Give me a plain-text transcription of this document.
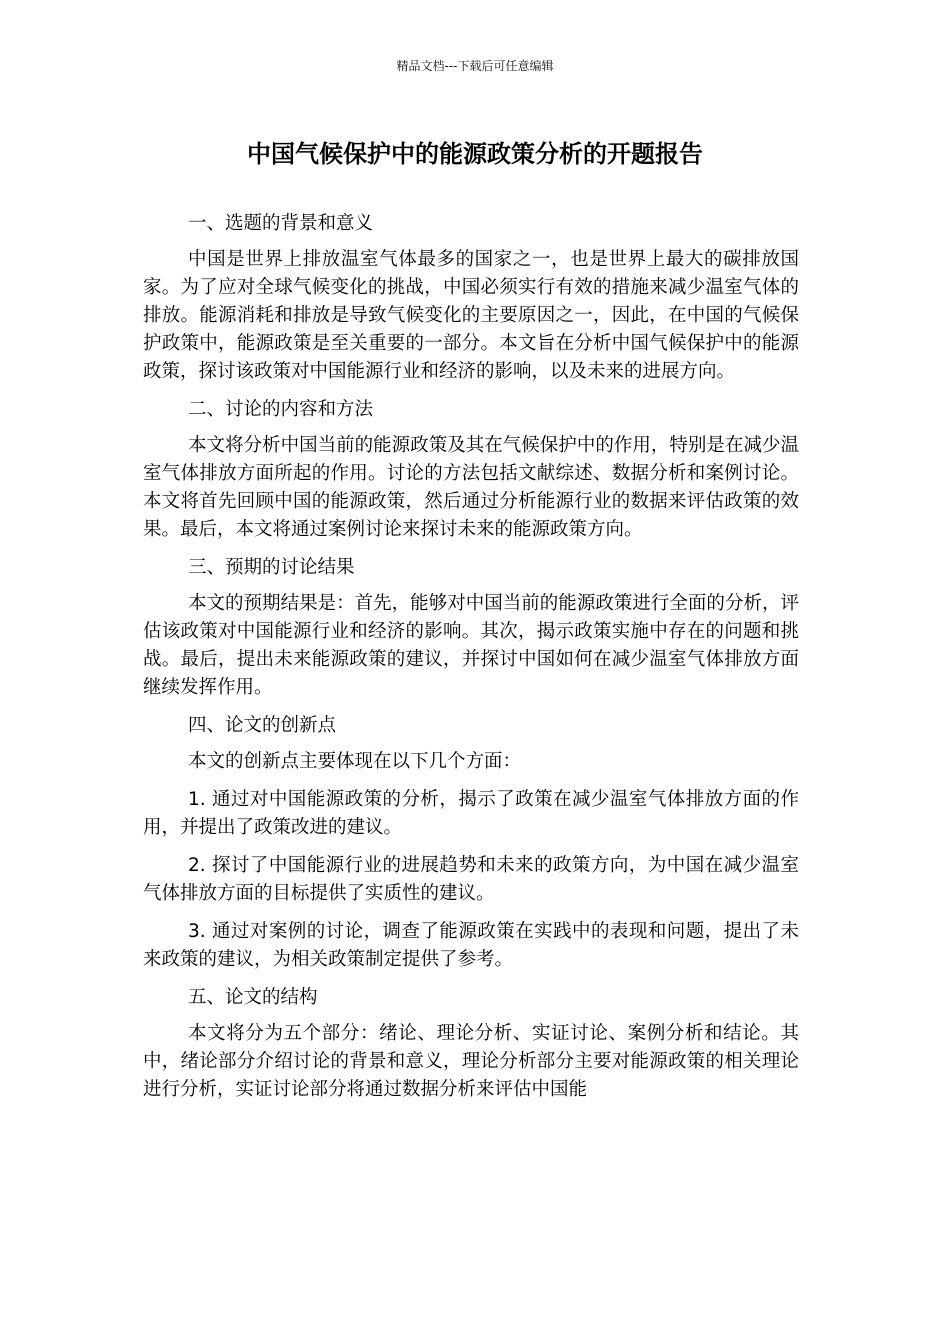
精品文档---下载后可任意编辑
中国气候保护中的能源政策分析的开题报告

一、选题的背景和意义

中国是世界上排放温室气体最多的国家之一，也是世界上最大的碳排放国家。为了应对全球气候变化的挑战，中国必须实行有效的措施来减少温室气体的排放。能源消耗和排放是导致气候变化的主要原因之一，因此，在中国的气候保护政策中，能源政策是至关重要的一部分。本文旨在分析中国气候保护中的能源政策，探讨该政策对中国能源行业和经济的影响，以及未来的进展方向。

二、讨论的内容和方法

本文将分析中国当前的能源政策及其在气候保护中的作用，特别是在减少温室气体排放方面所起的作用。讨论的方法包括文献综述、数据分析和案例讨论。本文将首先回顾中国的能源政策，然后通过分析能源行业的数据来评估政策的效果。最后，本文将通过案例讨论来探讨未来的能源政策方向。

三、预期的讨论结果

本文的预期结果是：首先，能够对中国当前的能源政策进行全面的分析，评估该政策对中国能源行业和经济的影响。其次，揭示政策实施中存在的问题和挑战。最后，提出未来能源政策的建议，并探讨中国如何在减少温室气体排放方面继续发挥作用。

四、论文的创新点

本文的创新点主要体现在以下几个方面：

1. 通过对中国能源政策的分析，揭示了政策在减少温室气体排放方面的作用，并提出了政策改进的建议。

2. 探讨了中国能源行业的进展趋势和未来的政策方向，为中国在减少温室气体排放方面的目标提供了实质性的建议。

3. 通过对案例的讨论，调查了能源政策在实践中的表现和问题，提出了未来政策的建议，为相关政策制定提供了参考。

五、论文的结构

本文将分为五个部分：绪论、理论分析、实证讨论、案例分析和结论。其中，绪论部分介绍讨论的背景和意义，理论分析部分主要对能源政策的相关理论进行分析，实证讨论部分将通过数据分析来评估中国能
